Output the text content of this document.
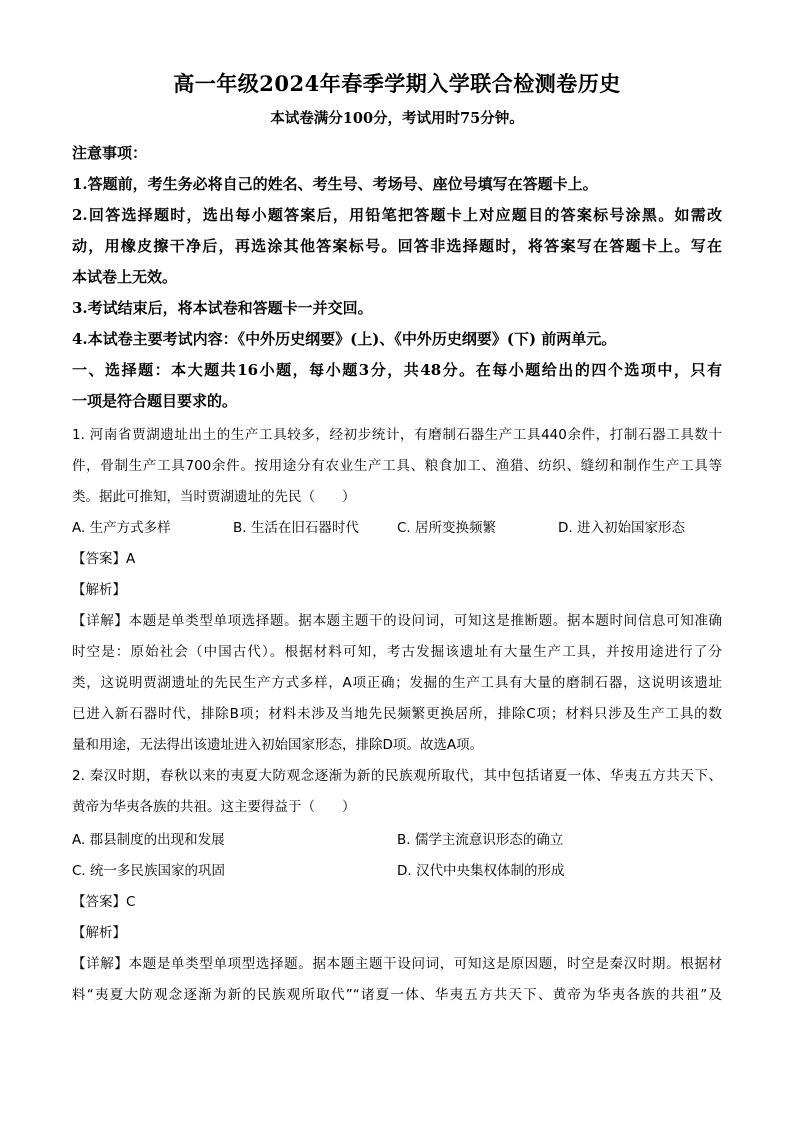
高一年级2024年春季学期入学联合检测卷历史
本试卷满分100分，考试用时75分钟。
注意事项：
1.答题前，考生务必将自己的姓名、考生号、考场号、座位号填写在答题卡上。
2.回答选择题时，选出每小题答案后，用铅笔把答题卡上对应题目的答案标号涂黑。如需改
动，用橡皮擦干净后，再选涂其他答案标号。回答非选择题时，将答案写在答题卡上。写在
本试卷上无效。
3.考试结束后，将本试卷和答题卡一并交回。
4.本试卷主要考试内容：《中外历史纲要》(上)、《中外历史纲要》(下) 前两单元。
一、选择题：本大题共16小题，每小题3分，共48分。在每小题给出的四个选项中，只有
一项是符合题目要求的。
1. 河南省贾湖遗址出土的生产工具较多，经初步统计，有磨制石器生产工具440余件，打制石器工具数十
件，骨制生产工具700余件。按用途分有农业生产工具、粮食加工、渔猎、纺织、缝纫和制作生产工具等
类。据此可推知，当时贾湖遗址的先民（　　）
A. 生产方式多样	B. 生活在旧石器时代	C. 居所变换频繁	D. 进入初始国家形态
【答案】A
【解析】
【详解】本题是单类型单项选择题。据本题主题干的设问词，可知这是推断题。据本题时间信息可知准确
时空是：原始社会（中国古代）。根据材料可知，考古发掘该遗址有大量生产工具，并按用途进行了分
类，这说明贾湖遗址的先民生产方式多样，A项正确；发掘的生产工具有大量的磨制石器，这说明该遗址
已进入新石器时代，排除B项；材料未涉及当地先民频繁更换居所，排除C项；材料只涉及生产工具的数
量和用途，无法得出该遗址进入初始国家形态，排除D项。故选A项。
2. 秦汉时期，春秋以来的夷夏大防观念逐渐为新的民族观所取代，其中包括诸夏一体、华夷五方共天下、
黄帝为华夷各族的共祖。这主要得益于（　　）
A. 郡县制度的出现和发展	B. 儒学主流意识形态的确立
C. 统一多民族国家的巩固	D. 汉代中央集权体制的形成
【答案】C
【解析】
【详解】本题是单类型单项型选择题。据本题主题干设问词，可知这是原因题，时空是秦汉时期。根据材
料“夷夏大防观念逐渐为新的民族观所取代”“诸夏一体、华夷五方共天下、黄帝为华夷各族的共祖”及
